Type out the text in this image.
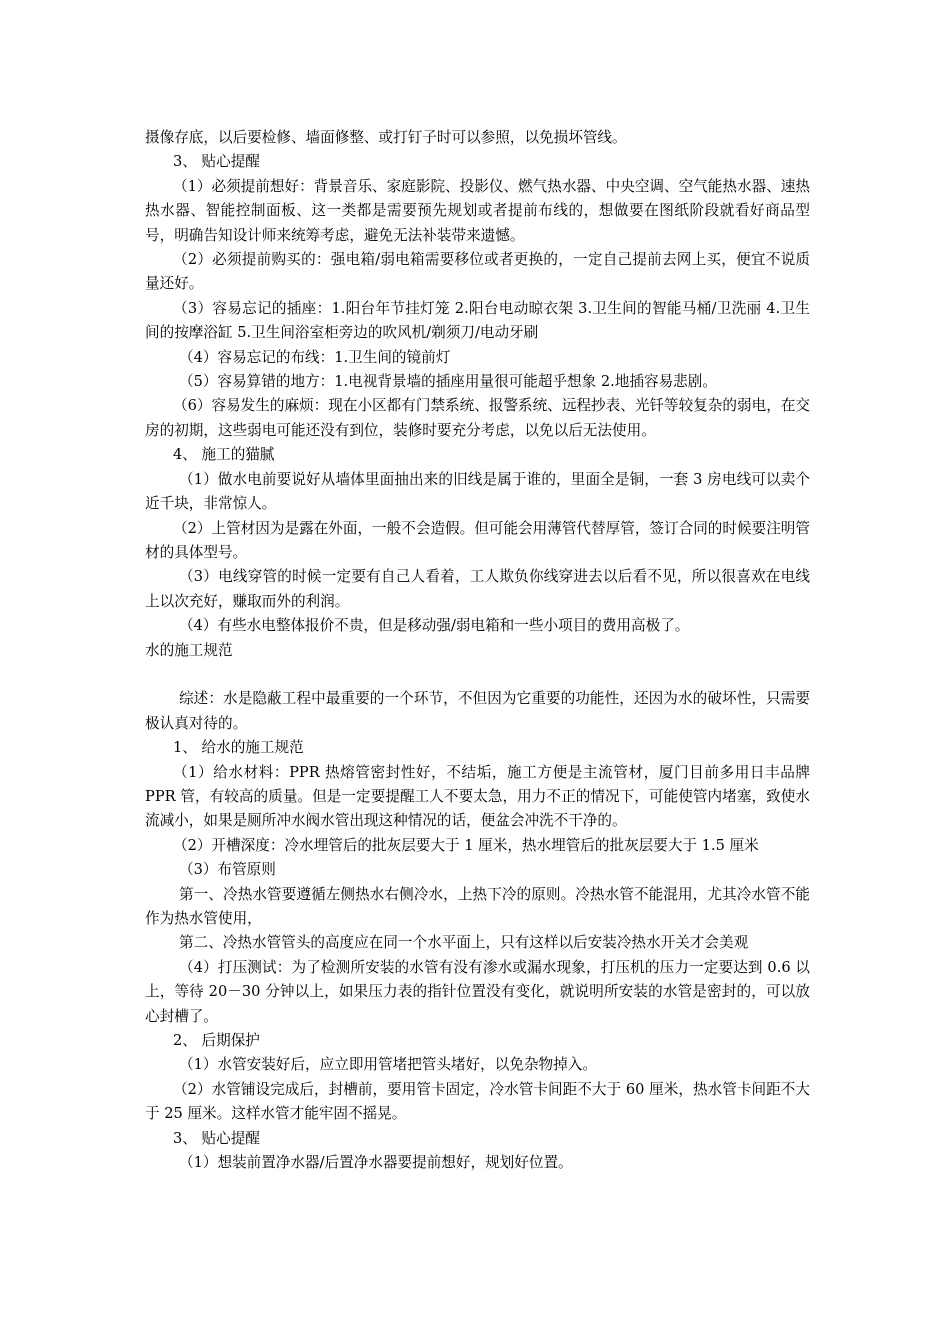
摄像存底，以后要检修、墙面修整、或打钉子时可以参照，以免损坏管线。

3、 贴心提醒

（1）必须提前想好：背景音乐、家庭影院、投影仪、燃气热水器、中央空调、空气能热水器、速热热水器、智能控制面板、这一类都是需要预先规划或者提前布线的，想做要在图纸阶段就看好商品型号，明确告知设计师来统筹考虑，避免无法补装带来遗憾。

（2）必须提前购买的：强电箱/弱电箱需要移位或者更换的，一定自己提前去网上买，便宜不说质量还好。

（3）容易忘记的插座：1.阳台年节挂灯笼 2.阳台电动晾衣架 3.卫生间的智能马桶/卫洗丽 4.卫生间的按摩浴缸 5.卫生间浴室柜旁边的吹风机/剃须刀/电动牙刷

（4）容易忘记的布线：1.卫生间的镜前灯

（5）容易算错的地方：1.电视背景墙的插座用量很可能超乎想象 2.地插容易悲剧。

（6）容易发生的麻烦：现在小区都有门禁系统、报警系统、远程抄表、光钎等较复杂的弱电，在交房的初期，这些弱电可能还没有到位，装修时要充分考虑，以免以后无法使用。

4、 施工的猫腻

（1）做水电前要说好从墙体里面抽出来的旧线是属于谁的，里面全是铜，一套 3 房电线可以卖个近千块，非常惊人。

（2）上管材因为是露在外面，一般不会造假。但可能会用薄管代替厚管，签订合同的时候要注明管材的具体型号。

（3）电线穿管的时候一定要有自己人看着，工人欺负你线穿进去以后看不见，所以很喜欢在电线上以次充好，赚取而外的利润。

（4）有些水电整体报价不贵，但是移动强/弱电箱和一些小项目的费用高极了。

水的施工规范

综述：水是隐蔽工程中最重要的一个环节，不但因为它重要的功能性，还因为水的破坏性，只需要极认真对待的。

1、 给水的施工规范

（1）给水材料：PPR 热熔管密封性好，不结垢，施工方便是主流管材，厦门目前多用日丰品牌 PPR 管，有较高的质量。但是一定要提醒工人不要太急，用力不正的情况下，可能使管内堵塞，致使水流减小，如果是厕所冲水阀水管出现这种情况的话，便盆会冲洗不干净的。

（2）开槽深度：冷水埋管后的批灰层要大于 1 厘米，热水埋管后的批灰层要大于 1.5 厘米

（3）布管原则

第一、冷热水管要遵循左侧热水右侧冷水，上热下冷的原则。冷热水管不能混用，尤其冷水管不能作为热水管使用，

第二、冷热水管管头的高度应在同一个水平面上，只有这样以后安装冷热水开关才会美观

（4）打压测试：为了检测所安装的水管有没有渗水或漏水现象，打压机的压力一定要达到 0.6 以上，等待 20－30 分钟以上，如果压力表的指针位置没有变化，就说明所安装的水管是密封的，可以放心封槽了。

2、 后期保护

（1）水管安装好后，应立即用管堵把管头堵好，以免杂物掉入。

（2）水管铺设完成后，封槽前，要用管卡固定，冷水管卡间距不大于 60 厘米，热水管卡间距不大于 25 厘米。这样水管才能牢固不摇晃。

3、 贴心提醒

（1）想装前置净水器/后置净水器要提前想好，规划好位置。
